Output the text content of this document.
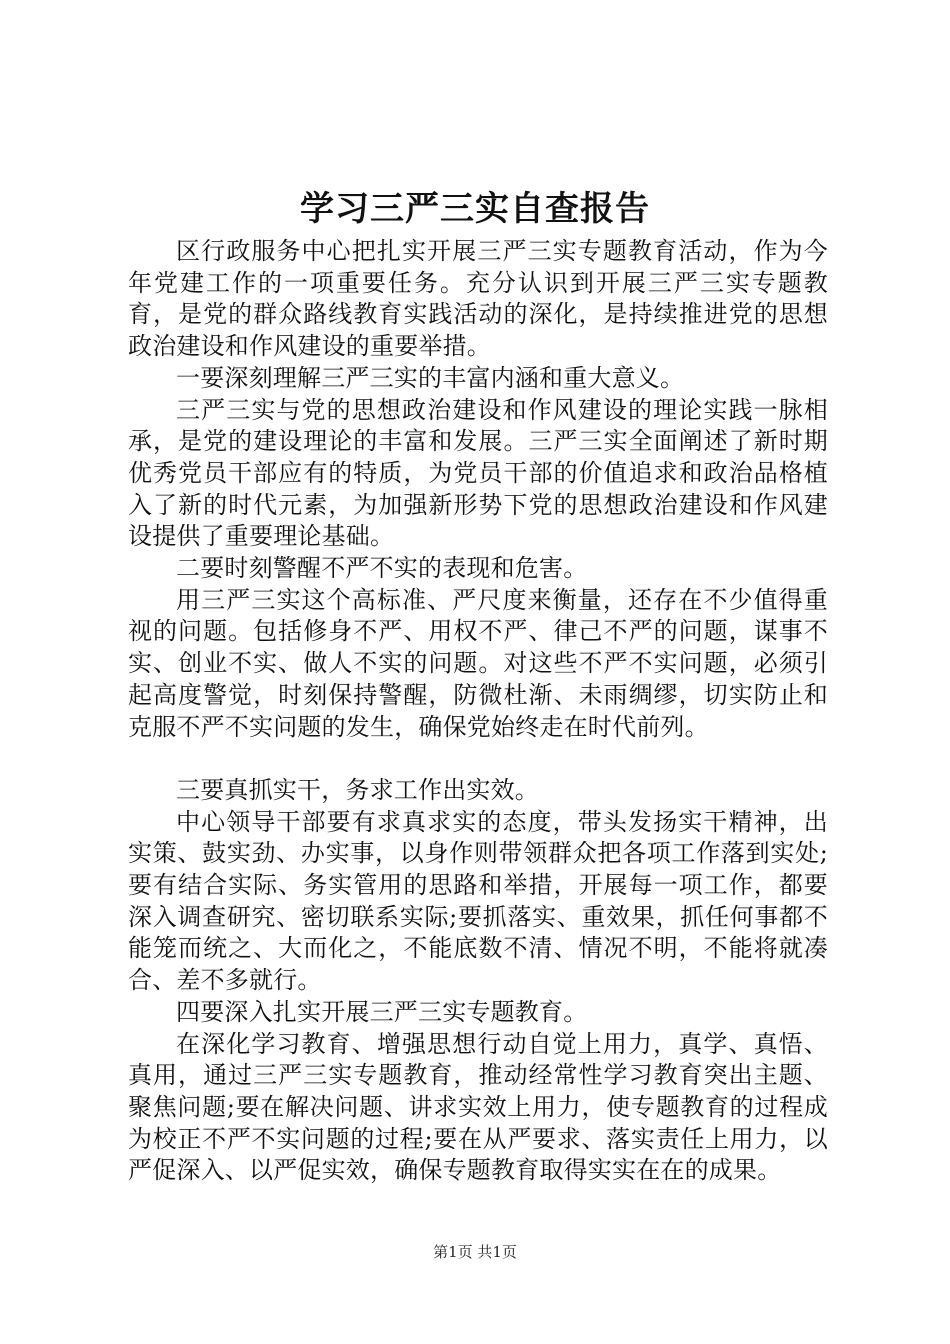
学习三严三实自查报告

区行政服务中心把扎实开展三严三实专题教育活动，作为今年党建工作的一项重要任务。充分认识到开展三严三实专题教育，是党的群众路线教育实践活动的深化，是持续推进党的思想政治建设和作风建设的重要举措。

一要深刻理解三严三实的丰富内涵和重大意义。

三严三实与党的思想政治建设和作风建设的理论实践一脉相承，是党的建设理论的丰富和发展。三严三实全面阐述了新时期优秀党员干部应有的特质，为党员干部的价值追求和政治品格植入了新的时代元素，为加强新形势下党的思想政治建设和作风建设提供了重要理论基础。

二要时刻警醒不严不实的表现和危害。

用三严三实这个高标准、严尺度来衡量，还存在不少值得重视的问题。包括修身不严、用权不严、律己不严的问题，谋事不实、创业不实、做人不实的问题。对这些不严不实问题，必须引起高度警觉，时刻保持警醒，防微杜渐、未雨绸缪，切实防止和克服不严不实问题的发生，确保党始终走在时代前列。

三要真抓实干，务求工作出实效。

中心领导干部要有求真求实的态度，带头发扬实干精神，出实策、鼓实劲、办实事，以身作则带领群众把各项工作落到实处;要有结合实际、务实管用的思路和举措，开展每一项工作，都要深入调查研究、密切联系实际;要抓落实、重效果，抓任何事都不能笼而统之、大而化之，不能底数不清、情况不明，不能将就凑合、差不多就行。

四要深入扎实开展三严三实专题教育。

在深化学习教育、增强思想行动自觉上用力，真学、真悟、真用，通过三严三实专题教育，推动经常性学习教育突出主题、聚焦问题;要在解决问题、讲求实效上用力，使专题教育的过程成为校正不严不实问题的过程;要在从严要求、落实责任上用力，以严促深入、以严促实效，确保专题教育取得实实在在的成果。

第1页 共1页
